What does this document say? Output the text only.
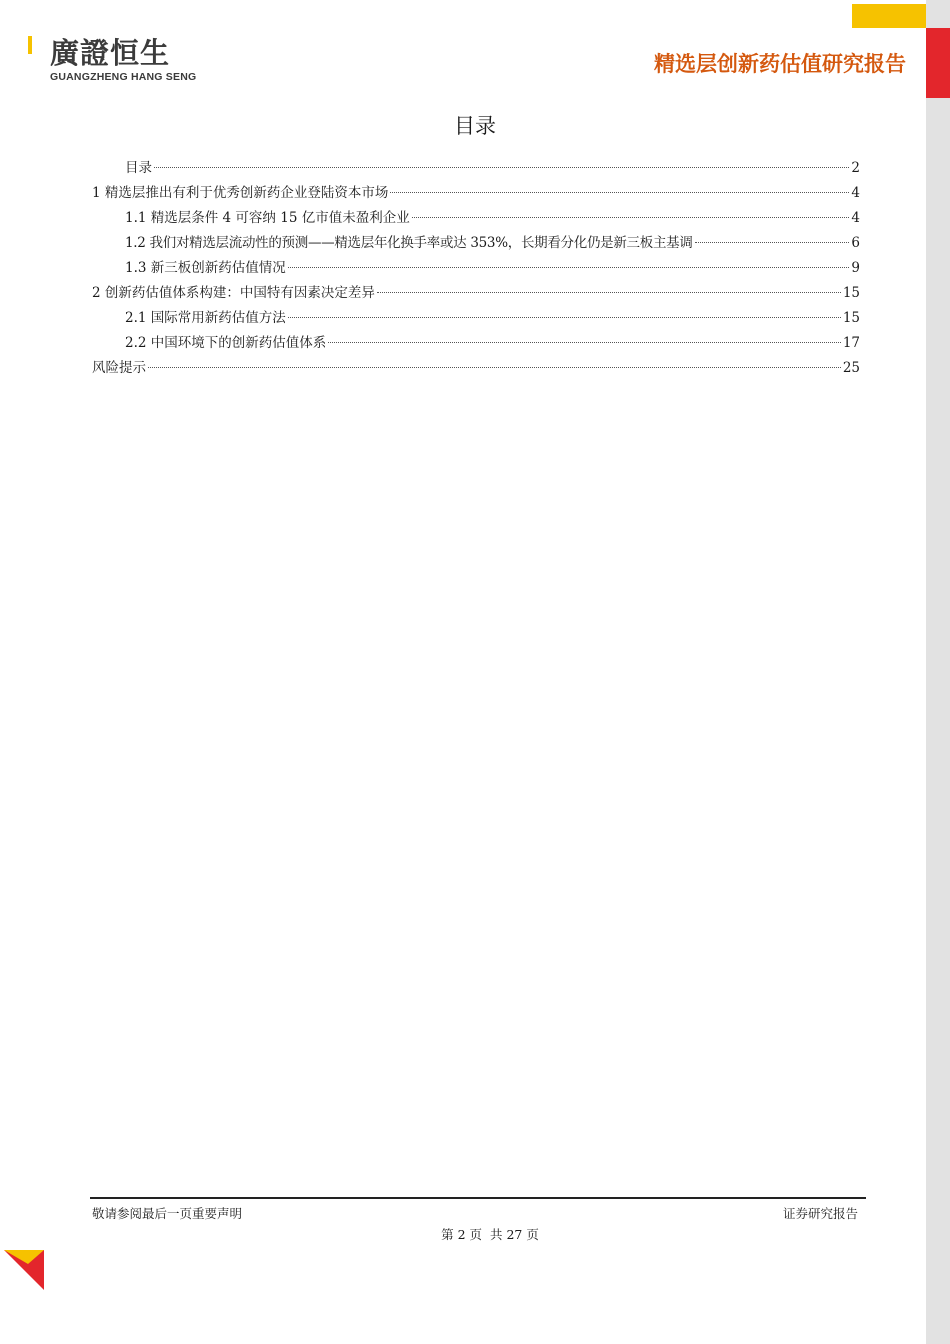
廣證恒生
GUANGZHENG HANG SENG
精选层创新药估值研究报告
目录
目录	2
1 精选层推出有利于优秀创新药企业登陆资本市场	4
1.1 精选层条件 4 可容纳 15 亿市值未盈利企业	4
1.2 我们对精选层流动性的预测——精选层年化换手率或达 353%，长期看分化仍是新三板主基调	6
1.3 新三板创新药估值情况	9
2 创新药估值体系构建：中国特有因素决定差异	15
2.1 国际常用新药估值方法	15
2.2 中国环境下的创新药估值体系	17
风险提示	25
敬请参阅最后一页重要声明	证券研究报告
第 2 页  共 27 页
